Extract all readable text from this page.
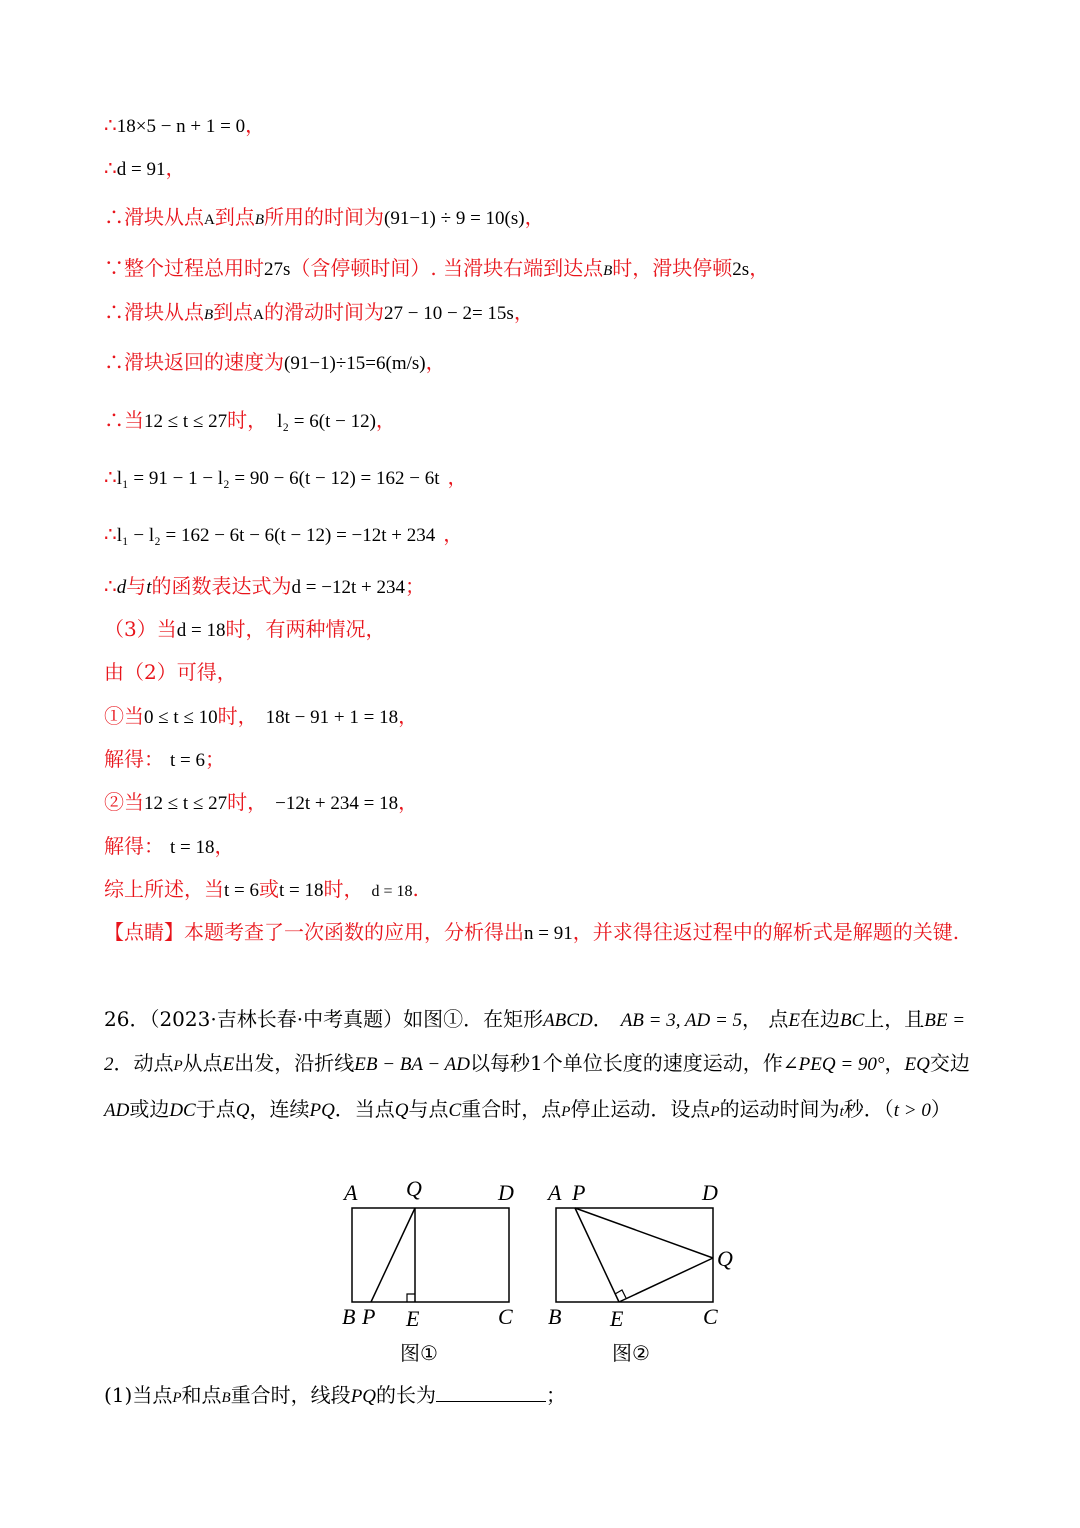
∴18×5 − n + 1 = 0，
∴d = 91，
∴滑块从点A到点B所用的时间为(91−1) ÷ 9 = 10(s)，
∵整个过程总用时27s（含停顿时间）. 当滑块右端到达点B时，滑块停顿2s，
∴滑块从点B到点A的滑动时间为27 − 10 − 2= 15s，
∴滑块返回的速度为(91−1)÷15=6(m/s)，
∴当12 ≤ t ≤ 27时， l₂ = 6(t − 12)，
∴l₁ = 91 − 1 − l₂ = 90 − 6(t − 12) = 162 − 6t ，
∴l₁ − l₂ = 162 − 6t − 6(t − 12) = −12t + 234 ，
∴d与t的函数表达式为d = −12t + 234；
（3）当d = 18时，有两种情况，
由（2）可得，
①当0 ≤ t ≤ 10时， 18t − 91 + 1 = 18，
解得： t = 6；
②当12 ≤ t ≤ 27时， −12t + 234 = 18，
解得： t = 18，
综上所述，当t = 6或t = 18时， d = 18.
【点睛】本题考查了一次函数的应用，分析得出n = 91，并求得往返过程中的解析式是解题的关键.
26．（2023·吉林长春·中考真题）如图①．在矩形ABCD． AB = 3, AD = 5， 点E在边BC上，且BE = 2．动点P从点E出发，沿折线EB − BA − AD以每秒1个单位长度的速度运动，作∠PEQ = 90°，EQ交边AD或边DC于点Q，连续PQ．当点Q与点C重合时，点P停止运动．设点P的运动时间为t秒．（t > 0）
A Q	D
B P E	C
图①
A P	D
Q
B E	C
图②
(1)当点P和点B重合时，线段PQ的长为	；
